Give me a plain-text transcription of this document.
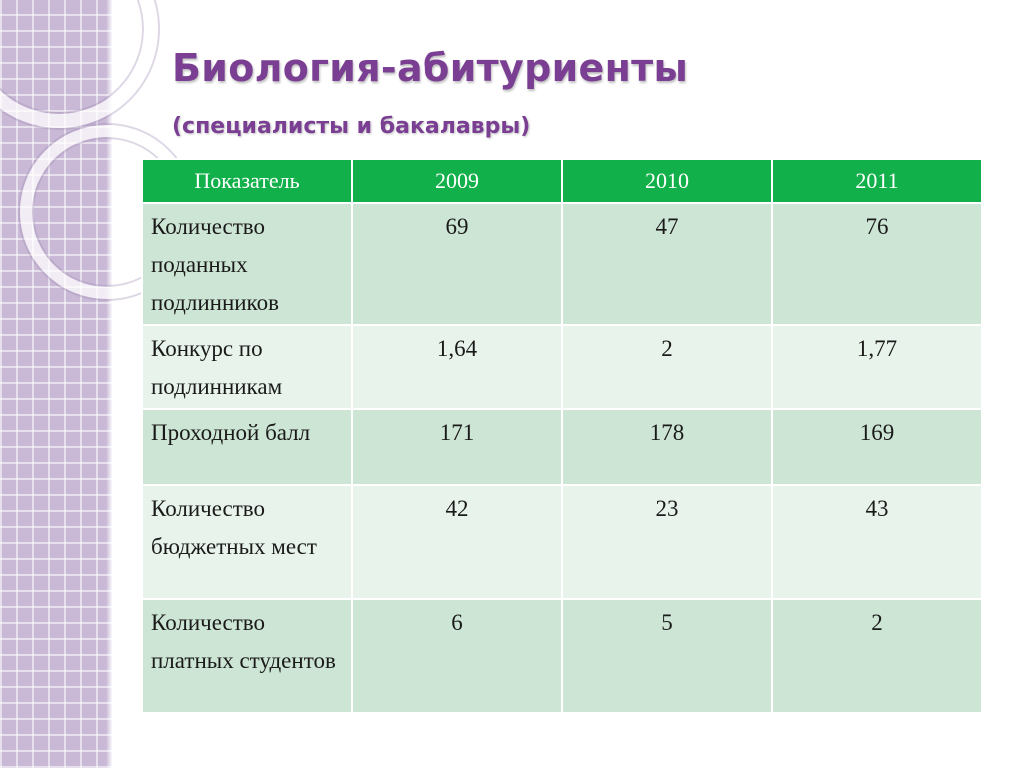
Биология-абитуриенты
(специалисты и бакалавры)
Показатель	2009	2010	2011
Количество поданных подлинников	69	47	76
Конкурс по подлинникам	1,64	2	1,77
Проходной балл	171	178	169
Количество бюджетных мест	42	23	43
Количество платных студентов	6	5	2
